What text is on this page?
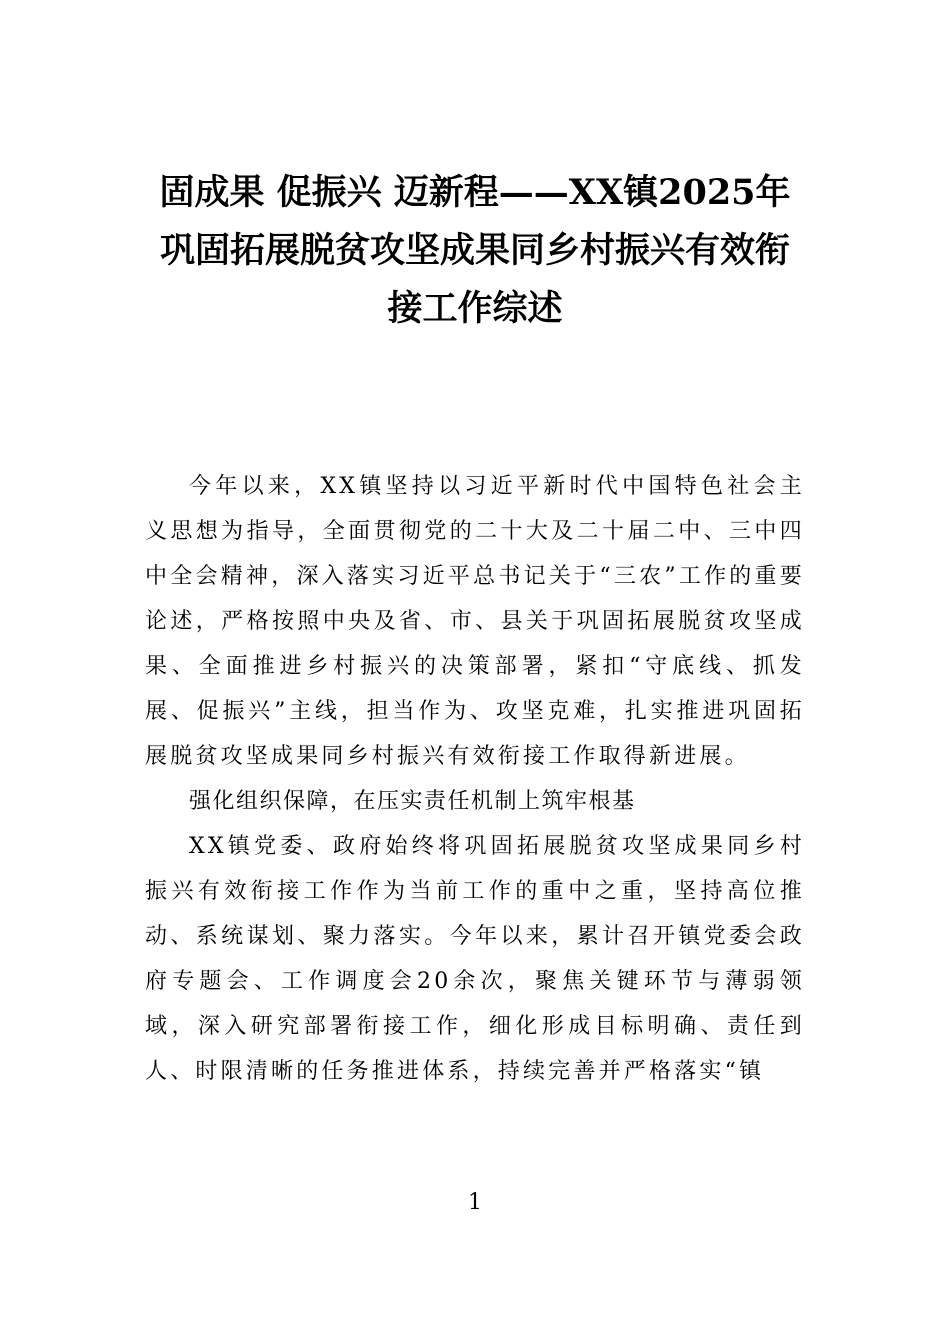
固成果 促振兴 迈新程——XX镇2025年巩固拓展脱贫攻坚成果同乡村振兴有效衔接工作综述

今年以来，XX镇坚持以习近平新时代中国特色社会主义思想为指导，全面贯彻党的二十大及二十届二中、三中四中全会精神，深入落实习近平总书记关于“三农”工作的重要论述，严格按照中央及省、市、县关于巩固拓展脱贫攻坚成果、全面推进乡村振兴的决策部署，紧扣“守底线、抓发展、促振兴”主线，担当作为、攻坚克难，扎实推进巩固拓展脱贫攻坚成果同乡村振兴有效衔接工作取得新进展。

强化组织保障，在压实责任机制上筑牢根基

XX镇党委、政府始终将巩固拓展脱贫攻坚成果同乡村振兴有效衔接工作作为当前工作的重中之重，坚持高位推动、系统谋划、聚力落实。今年以来，累计召开镇党委会政府专题会、工作调度会20余次，聚焦关键环节与薄弱领域，深入研究部署衔接工作，细化形成目标明确、责任到人、时限清晰的任务推进体系，持续完善并严格落实“镇

1
